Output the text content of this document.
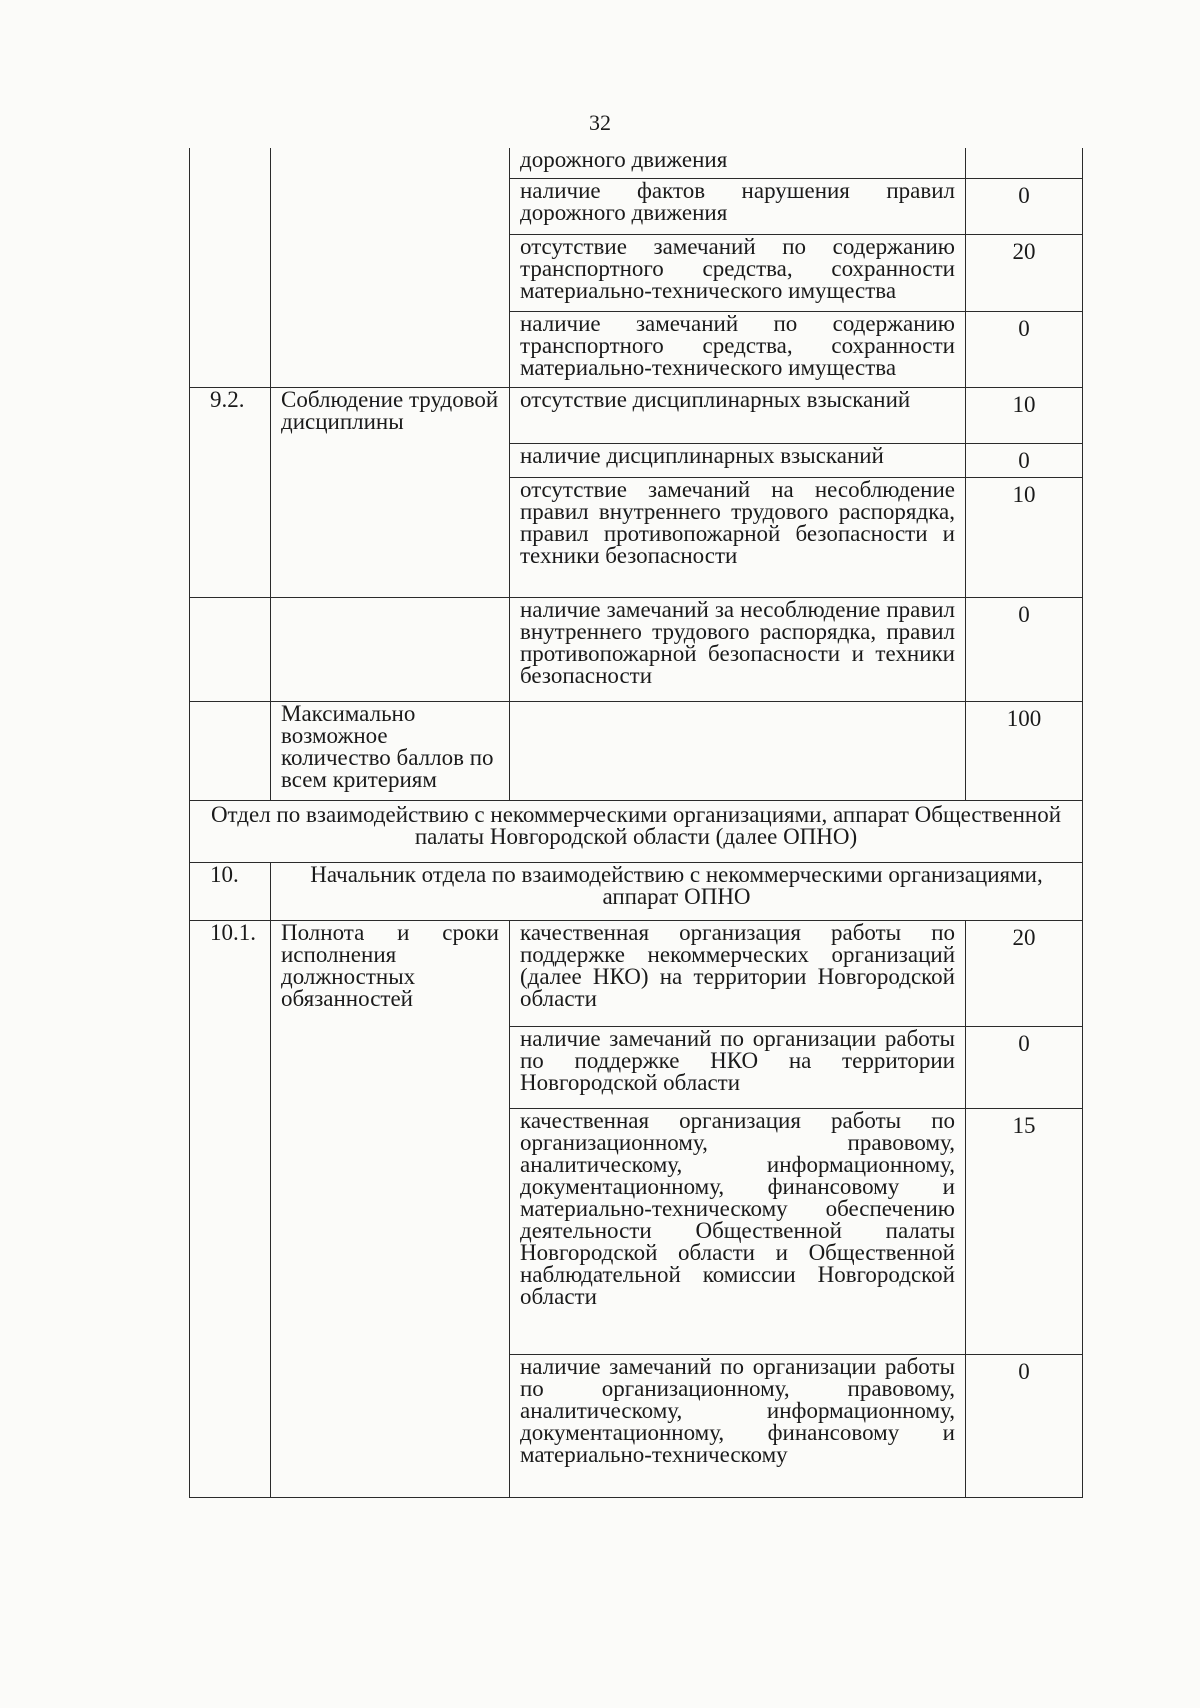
32
		дорожного движения	
		наличие фактов нарушения правил дорожного движения	0
		отсутствие замечаний по содержанию транспортного средства, сохранности материально-технического имущества	20
		наличие замечаний по содержанию транспортного средства, сохранности материально-технического имущества	0
9.2.	Соблюдение трудовой дисциплины	отсутствие дисциплинарных взысканий	10
		наличие дисциплинарных взысканий	0
		отсутствие замечаний на несоблюдение правил внутреннего трудового распорядка, правил противопожарной безопасности и техники безопасности	10
		наличие замечаний за несоблюдение правил внутреннего трудового распорядка, правил противопожарной безопасности и техники безопасности	0
	Максимально возможное количество баллов по всем критериям		100
Отдел по взаимодействию с некоммерческими организациями, аппарат Общественной палаты Новгородской области (далее ОПНО)			
10.	Начальник отдела по взаимодействию с некоммерческими организациями, аппарат ОПНО		
10.1.	Полнота и сроки исполнения должностных обязанностей	качественная организация работы по поддержке некоммерческих организаций (далее НКО) на территории Новгородской области	20
		наличие замечаний по организации работы по поддержке НКО на территории Новгородской области	0
		качественная организация работы по организационному, правовому, аналитическому, информационному, документационному, финансовому и материально-техническому обеспечению деятельности Общественной палаты Новгородской области и Общественной наблюдательной комиссии Новгородской области	15
		наличие замечаний по организации работы по организационному, правовому, аналитическому, информационному, документационному, финансовому и материально-техническому	0
